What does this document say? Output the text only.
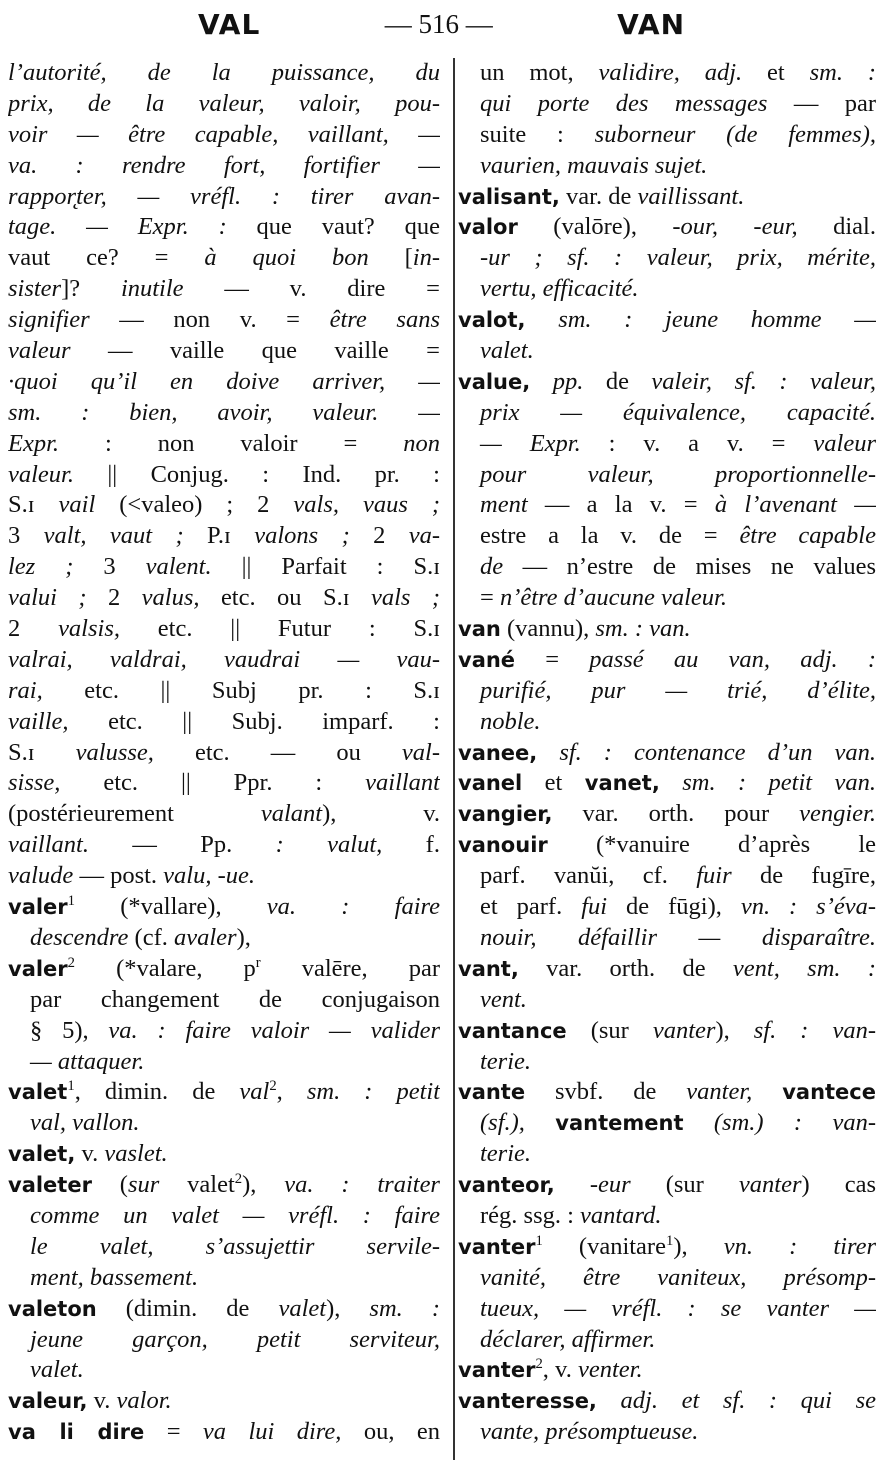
VAL	— 516 —	VAN
l’autorité, de la puissance, du
prix, de la valeur, valoir, pou-
voir — être capable, vaillant, —
va. : rendre fort, fortifier —
rappor̨ter, — vréfl. : tirer avan-
tage. — Expr. : que vaut? que
vaut ce? = à quoi bon [in-
sister]? inutile — v. dire =
signifier — non v. = être sans
valeur — vaille que vaille =
·quoi qu’il en doive arriver, —
sm. : bien, avoir, valeur. —
Expr. : non valoir = non
valeur. || Conjug. : Ind. pr. :
S.ɪ vail (<valeo) ; 2 vals, vaus ;
3 valt, vaut ; P.ɪ valons ; 2 va-
lez ; 3 valent. || Parfait : S.ɪ
valui ; 2 valus, etc. ou S.ɪ vals ;
2 valsis, etc. || Futur : S.ɪ
valrai, valdrai, vaudrai — vau-
rai, etc. || Subj pr. : S.ɪ
vaille, etc. || Subj. imparf. :
S.ɪ valusse, etc. — ou val-
sisse, etc. || Ppr. : vaillant
(postérieurement valant), v.
vaillant. — Pp. : valut, f.
valude — post. valu, -ue.
valer$^1$ (*vallare), va. : faire
descendre (cf. avaler),
valer$^2$ (*valare, $p^r$ valēre, par
par changement de conjugaison
§ 5), va. : faire valoir — valider
— attaquer.
valet$^1$, dimin. de val$^2$, sm. : petit
val, vallon.
valet, v. vaslet.
valeter (sur valet$^2$), va. : traiter
comme un valet — vréfl. : faire
le valet, s’assujettir servile-
ment, bassement.
valeton (dimin. de valet), sm. :
jeune garçon, petit serviteur,
valet.
valeur, v. valor.
va li dire = va lui dire, ou, en
un mot, validire, adj. et sm. :
qui porte des messages — par
suite : suborneur (de femmes),
vaurien, mauvais sujet.
valisant, var. de vaillissant.
valor (valōre), -our, -eur, dial.
-ur ; sf. : valeur, prix, mérite,
vertu, efficacité.
valot, sm. : jeune homme —
valet.
value, pp. de valeir, sf. : valeur,
prix — équivalence, capacité.
— Expr. : v. a v. = valeur
pour valeur, proportionnelle-
ment — a la v. = à l’avenant —
estre a la v. de = être capable
de — n’estre de mises ne values
= n’être d’aucune valeur.
van (vannu), sm. : van.
vané = passé au van, adj. :
purifié, pur — trié, d’élite,
noble.
vanee, sf. : contenance d’un van.
vanel et vanet, sm. : petit van.
vangier, var. orth. pour vengier.
vanouir (*vanuire d’après le
parf. vanŭi, cf. fuir de fugīre,
et parf. fui de fūgi), vn. : s’éva-
nouir, défaillir — disparaître.
vant, var. orth. de vent, sm. :
vent.
vantance (sur vanter), sf. : van-
terie.
vante svbf. de vanter, vantece
(sf.), vantement (sm.) : van-
terie.
vanteor, -eur (sur vanter) cas
rég. ssg. : vantard.
vanter$^1$ (vanitare$^1$), vn. : tirer
vanité, être vaniteux, présomp-
tueux, — vréfl. : se vanter —
déclarer, affirmer.
vanter$^2$, v. venter.
vanteresse, adj. et sf. : qui se
vante, présomptueuse.
